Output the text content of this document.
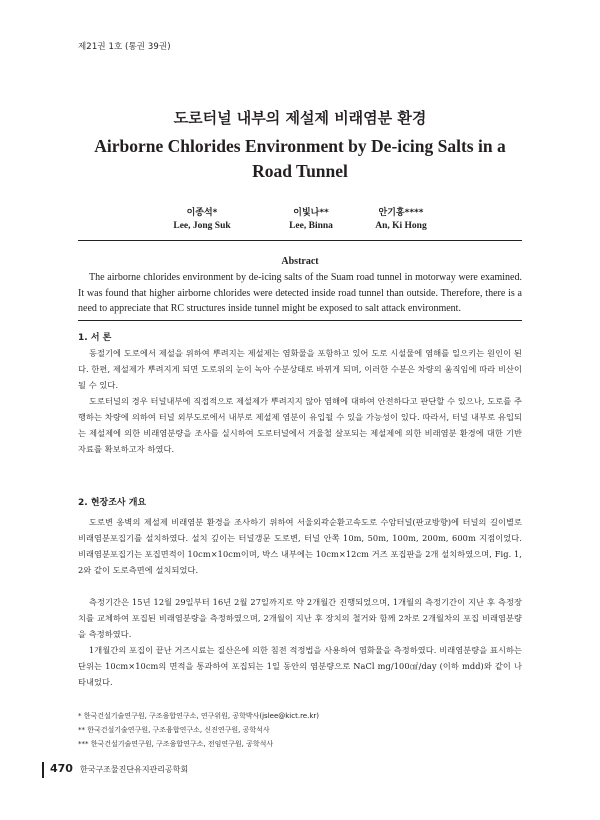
제21권 1호 (통권 39권)
도로터널 내부의 제설제 비래염분 환경
Airborne Chlorides Environment by De-icing Salts in a Road Tunnel
이종석*
Lee, Jong Suk
이빛나**
Lee, Binna
안기홍****
An, Ki Hong
Abstract
The airborne chlorides environment by de-icing salts of the Suam road tunnel in motorway were examined. It was found that higher airborne chlorides were detected inside road tunnel than outside. Therefore, there is a need to appreciate that RC structures inside tunnel might be exposed to salt attack environment.
1. 서 론

동절기에 도로에서 제설을 위하여 뿌려지는 제설제는 염화물을 포함하고 있어 도로 시설물에 염해를 일으키는 원인이 된다. 한편, 제설제가 뿌려지게 되면 도로위의 눈이 녹아 수분상태로 바뀌게 되며, 이러한 수분은 차량의 움직임에 따라 비산이 될 수 있다.

도로터널의 경우 터널내부에 직접적으로 제설제가 뿌려지지 않아 염해에 대하여 안전하다고 판단할 수 있으나, 도로를 주행하는 차량에 의하여 터널 외부도로에서 내부로 제설제 염분이 유입될 수 있을 가능성이 있다. 따라서, 터널 내부로 유입되는 제설제에 의한 비래염분량을 조사를 실시하여 도로터널에서 겨울철 살포되는 제설제에 의한 비래염분 환경에 대한 기반자료를 확보하고자 하였다.

2. 현장조사 개요

도로변 옹벽의 제설제 비래염분 환경을 조사하기 위하여 서울외곽순환고속도로 수암터널(판교방향)에 터널의 길이별로 비래염분포집기를 설치하였다. 설치 깊이는 터널갱문 도로변, 터널 안쪽 10m, 50m, 100m, 200m, 600m 지점이었다. 비래염분포집기는 포집면적이 10cm×10cm이며, 박스 내부에는 10cm×12cm 거즈 포집판을 2개 설치하였으며, Fig. 1, 2와 같이 도로측면에 설치되었다.

측정기간은 15년 12월 29일부터 16년 2월 27일까지로 약 2개월간 진행되었으며, 1개월의 측정기간이 지난 후 측정장치를 교체하여 포집된 비래염분량을 측정하였으며, 2개월이 지난 후 장치의 철거와 함께 2차로 2개월차의 포집 비래염분량을 측정하였다.

1개월간의 포집이 끝난 거즈시료는 질산은에 의한 침전 적정법을 사용하여 염화물을 측정하였다. 비래염분량을 표시하는 단위는 10cm×10cm의 면적을 통과하여 포집되는 1일 동안의 염분량으로 NaCl mg/100㎠/day (이하 mdd)와 같이 나타내었다.

* 한국건설기술연구원, 구조융합연구소, 연구위원, 공학박사(jslee@kict.re.kr)
** 한국건설기술연구원, 구조융합연구소, 신진연구원, 공학석사
*** 한국건설기술연구원, 구조융합연구소, 전임연구원, 공학석사
470 한국구조물진단유지관리공학회
